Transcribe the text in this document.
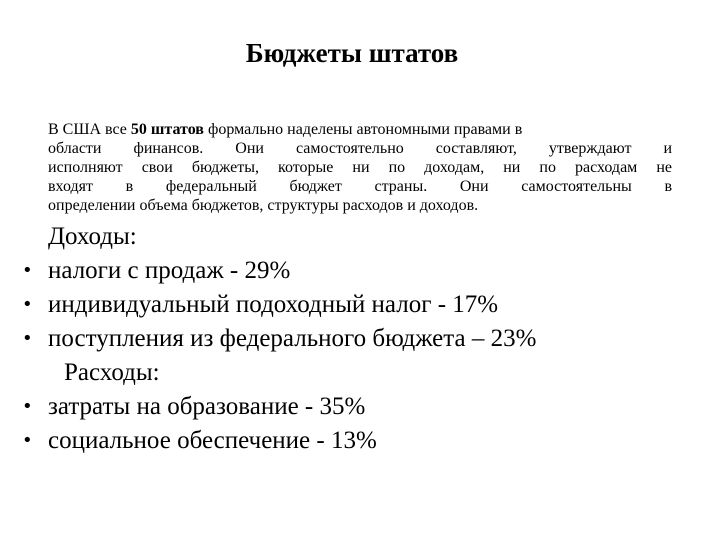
Бюджеты штатов
В США все 50 штатов формально наделены автономными правами в
области финансов. Они самостоятельно составляют, утверждают и
исполняют свои бюджеты, которые ни по доходам, ни по расходам не
входят в федеральный бюджет страны. Они самостоятельны в
определении объема бюджетов, структуры расходов и доходов.
Доходы:
• налоги с продаж - 29%
• индивидуальный подоходный налог - 17%
• поступления из федерального бюджета – 23%
Расходы:
• затраты на образование - 35%
• социальное обеспечение - 13%
